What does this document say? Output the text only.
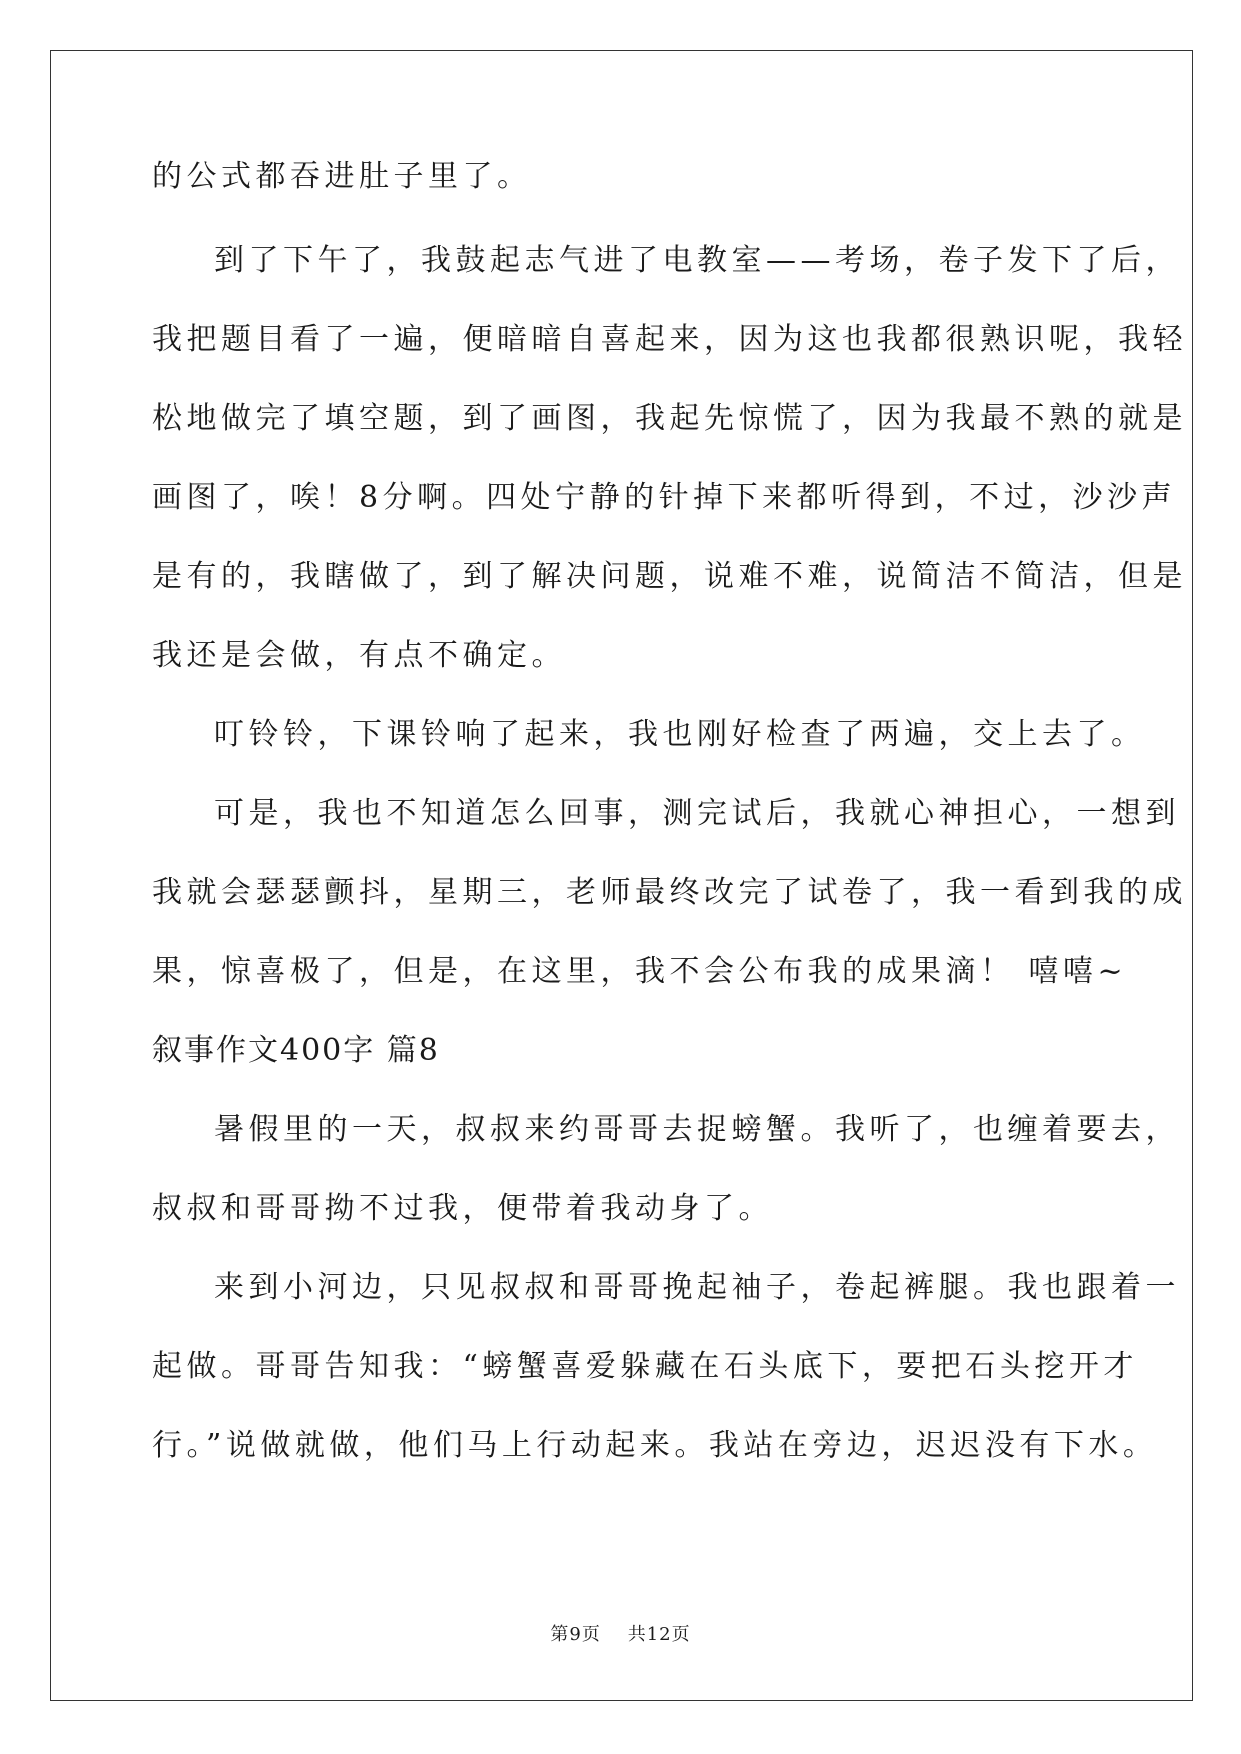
的公式都吞进肚子里了。
到了下午了，我鼓起志气进了电教室——考场，卷子发下了后，
我把题目看了一遍，便暗暗自喜起来，因为这也我都很熟识呢，我轻
松地做完了填空题，到了画图，我起先惊慌了，因为我最不熟的就是
画图了，唉！8分啊。四处宁静的针掉下来都听得到，不过，沙沙声
是有的，我瞎做了，到了解决问题，说难不难，说简洁不简洁，但是
我还是会做，有点不确定。
叮铃铃，下课铃响了起来，我也刚好检查了两遍，交上去了。
可是，我也不知道怎么回事，测完试后，我就心神担心，一想到
我就会瑟瑟颤抖，星期三，老师最终改完了试卷了，我一看到我的成
果，惊喜极了，但是，在这里，我不会公布我的成果滴！ 嘻嘻~
叙事作文400字 篇8
暑假里的一天，叔叔来约哥哥去捉螃蟹。我听了，也缠着要去，
叔叔和哥哥拗不过我，便带着我动身了。
来到小河边，只见叔叔和哥哥挽起袖子，卷起裤腿。我也跟着一
起做。哥哥告知我：“螃蟹喜爱躲藏在石头底下，要把石头挖开才
行。”说做就做，他们马上行动起来。我站在旁边，迟迟没有下水。
第9页 共12页
